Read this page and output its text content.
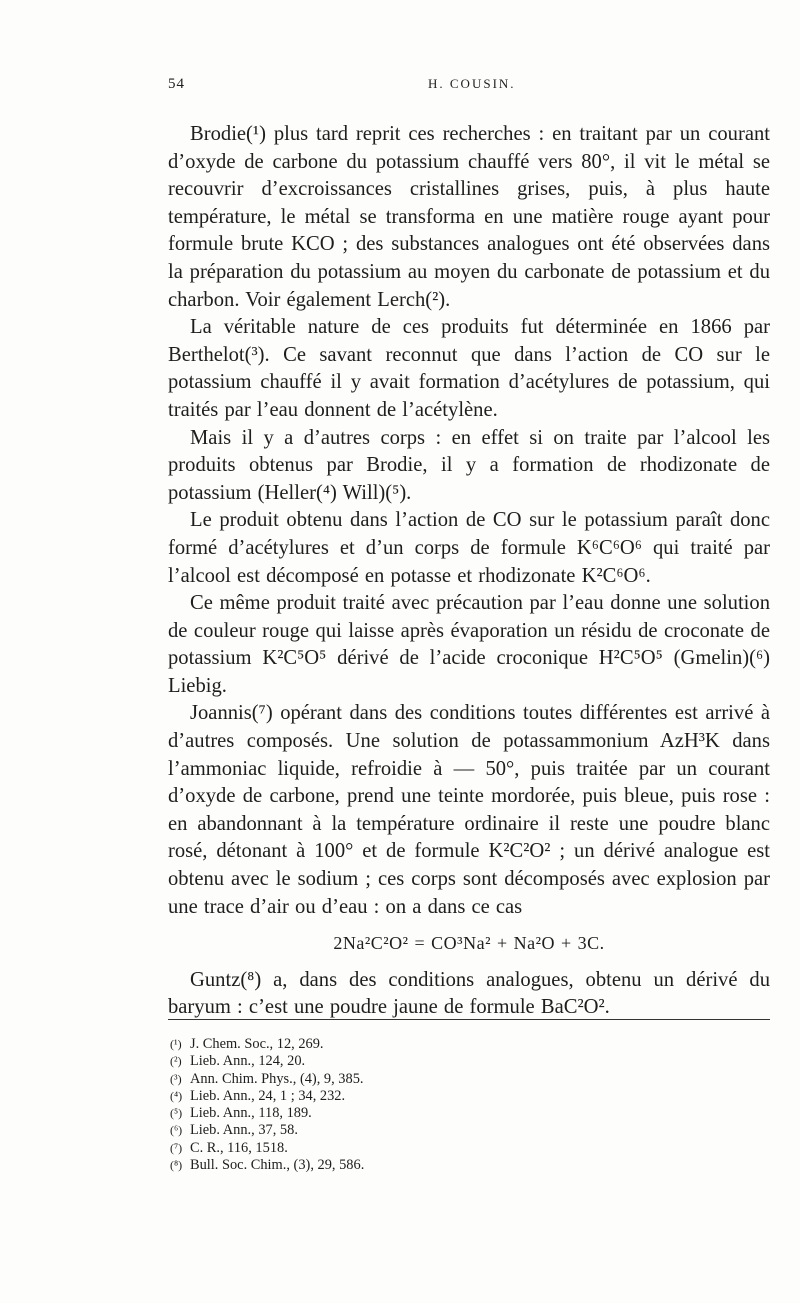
54	H. COUSIN.

Brodie(¹) plus tard reprit ces recherches : en traitant par un courant d’oxyde de carbone du potassium chauffé vers 80°, il vit le métal se recouvrir d’excroissances cristallines grises, puis, à plus haute température, le métal se transforma en une matière rouge ayant pour formule brute KCO ; des substances analogues ont été observées dans la préparation du potassium au moyen du carbonate de potassium et du charbon. Voir également Lerch(²).

La véritable nature de ces produits fut déterminée en 1866 par Berthelot(³). Ce savant reconnut que dans l’action de CO sur le potassium chauffé il y avait formation d’acétylures de potassium, qui traités par l’eau donnent de l’acétylène.

Mais il y a d’autres corps : en effet si on traite par l’alcool les produits obtenus par Brodie, il y a formation de rhodizonate de potassium (Heller(⁴) Will)(⁵).

Le produit obtenu dans l’action de CO sur le potassium paraît donc formé d’acétylures et d’un corps de formule K⁶C⁶O⁶ qui traité par l’alcool est décomposé en potasse et rhodizonate K²C⁶O⁶.

Ce même produit traité avec précaution par l’eau donne une solution de couleur rouge qui laisse après évaporation un résidu de croconate de potassium K²C⁵O⁵ dérivé de l’acide croconique H²C⁵O⁵ (Gmelin)(⁶) Liebig.

Joannis(⁷) opérant dans des conditions toutes différentes est arrivé à d’autres composés. Une solution de potassammonium AzH³K dans l’ammoniac liquide, refroidie à — 50°, puis traitée par un courant d’oxyde de carbone, prend une teinte mordorée, puis bleue, puis rose : en abandonnant à la température ordinaire il reste une poudre blanc rosé, détonant à 100° et de formule K²C²O² ; un dérivé analogue est obtenu avec le sodium ; ces corps sont décomposés avec explosion par une trace d’air ou d’eau : on a dans ce cas

2Na²C²O² = CO³Na² + Na²O + 3C.

Guntz(⁸) a, dans des conditions analogues, obtenu un dérivé du baryum : c’est une poudre jaune de formule BaC²O².

(¹) J. Chem. Soc., 12, 269.
(²) Lieb. Ann., 124, 20.
(³) Ann. Chim. Phys., (4), 9, 385.
(⁴) Lieb. Ann., 24, 1 ; 34, 232.
(⁵) Lieb. Ann., 118, 189.
(⁶) Lieb. Ann., 37, 58.
(⁷) C. R., 116, 1518.
(⁸) Bull. Soc. Chim., (3), 29, 586.
